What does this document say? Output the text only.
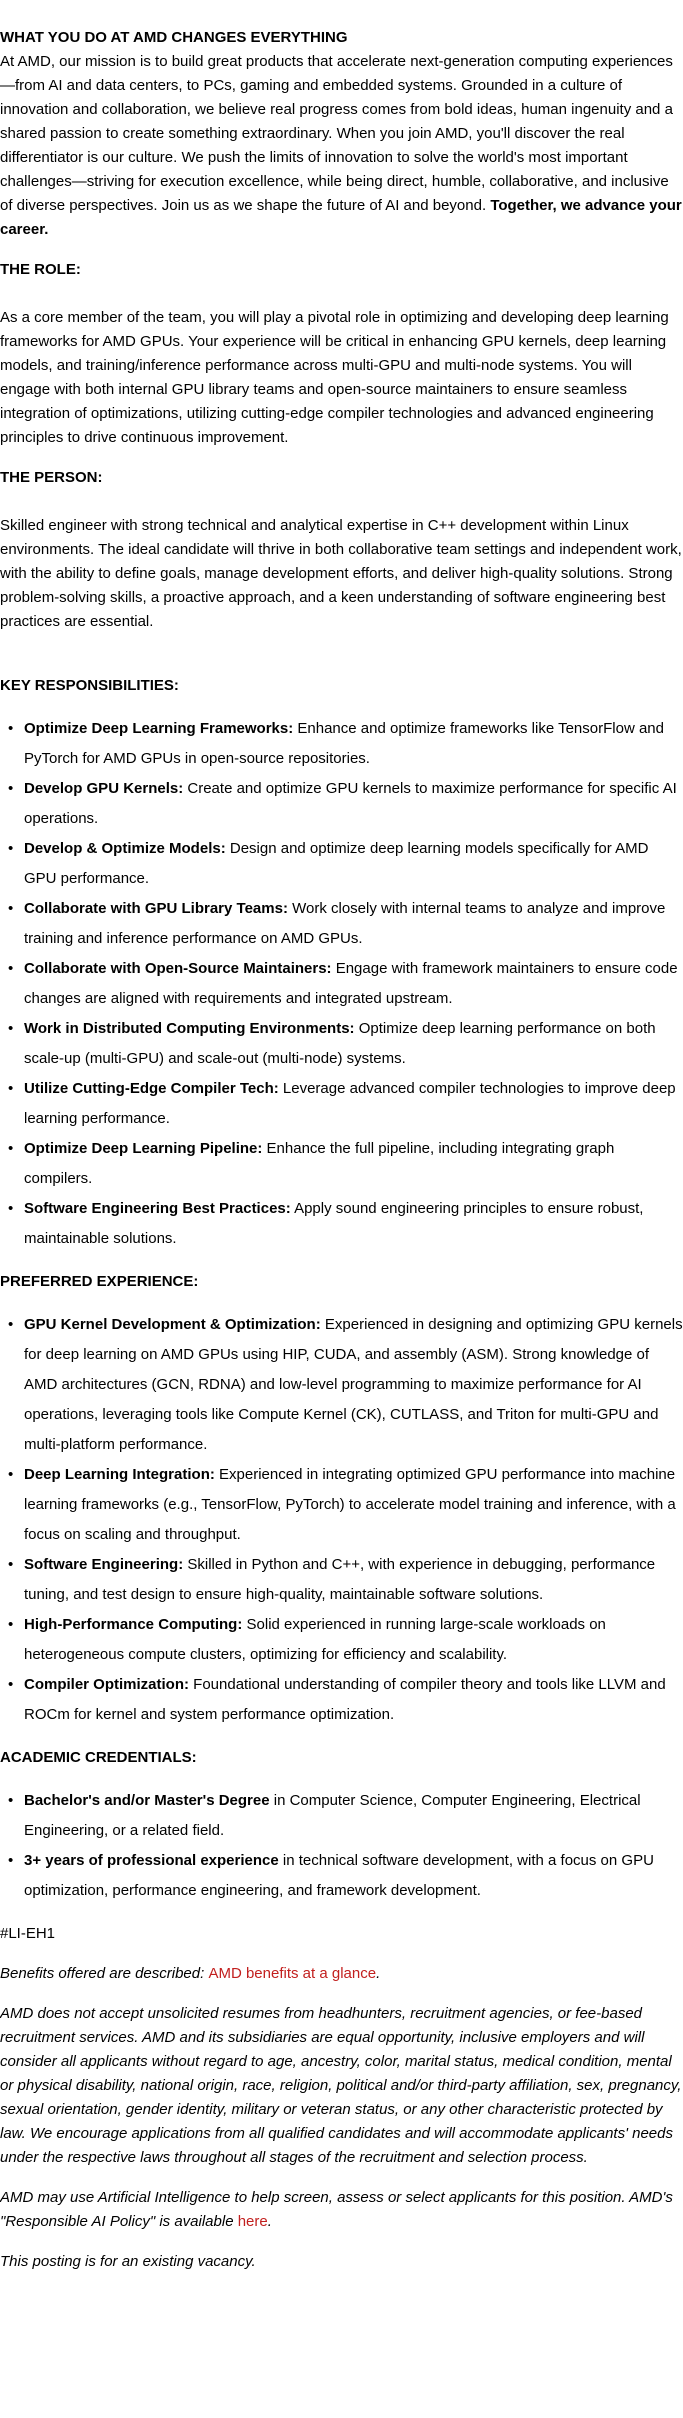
WHAT YOU DO AT AMD CHANGES EVERYTHING

At AMD, our mission is to build great products that accelerate next-generation computing experiences—from AI and data centers, to PCs, gaming and embedded systems. Grounded in a culture of innovation and collaboration, we believe real progress comes from bold ideas, human ingenuity and a shared passion to create something extraordinary. When you join AMD, you'll discover the real differentiator is our culture. We push the limits of innovation to solve the world's most important challenges—striving for execution excellence, while being direct, humble, collaborative, and inclusive of diverse perspectives. Join us as we shape the future of AI and beyond. Together, we advance your career.

THE ROLE:

As a core member of the team, you will play a pivotal role in optimizing and developing deep learning frameworks for AMD GPUs. Your experience will be critical in enhancing GPU kernels, deep learning models, and training/inference performance across multi-GPU and multi-node systems. You will engage with both internal GPU library teams and open-source maintainers to ensure seamless integration of optimizations, utilizing cutting-edge compiler technologies and advanced engineering principles to drive continuous improvement.

THE PERSON:

Skilled engineer with strong technical and analytical expertise in C++ development within Linux environments. The ideal candidate will thrive in both collaborative team settings and independent work, with the ability to define goals, manage development efforts, and deliver high-quality solutions. Strong problem-solving skills, a proactive approach, and a keen understanding of software engineering best practices are essential.

KEY RESPONSIBILITIES:

• Optimize Deep Learning Frameworks: Enhance and optimize frameworks like TensorFlow and PyTorch for AMD GPUs in open-source repositories.
• Develop GPU Kernels: Create and optimize GPU kernels to maximize performance for specific AI operations.
• Develop & Optimize Models: Design and optimize deep learning models specifically for AMD GPU performance.
• Collaborate with GPU Library Teams: Work closely with internal teams to analyze and improve training and inference performance on AMD GPUs.
• Collaborate with Open-Source Maintainers: Engage with framework maintainers to ensure code changes are aligned with requirements and integrated upstream.
• Work in Distributed Computing Environments: Optimize deep learning performance on both scale-up (multi-GPU) and scale-out (multi-node) systems.
• Utilize Cutting-Edge Compiler Tech: Leverage advanced compiler technologies to improve deep learning performance.
• Optimize Deep Learning Pipeline: Enhance the full pipeline, including integrating graph compilers.
• Software Engineering Best Practices: Apply sound engineering principles to ensure robust, maintainable solutions.

PREFERRED EXPERIENCE:

• GPU Kernel Development & Optimization: Experienced in designing and optimizing GPU kernels for deep learning on AMD GPUs using HIP, CUDA, and assembly (ASM). Strong knowledge of AMD architectures (GCN, RDNA) and low-level programming to maximize performance for AI operations, leveraging tools like Compute Kernel (CK), CUTLASS, and Triton for multi-GPU and multi-platform performance.
• Deep Learning Integration: Experienced in integrating optimized GPU performance into machine learning frameworks (e.g., TensorFlow, PyTorch) to accelerate model training and inference, with a focus on scaling and throughput.
• Software Engineering: Skilled in Python and C++, with experience in debugging, performance tuning, and test design to ensure high-quality, maintainable software solutions.
• High-Performance Computing: Solid experienced in running large-scale workloads on heterogeneous compute clusters, optimizing for efficiency and scalability.
• Compiler Optimization: Foundational understanding of compiler theory and tools like LLVM and ROCm for kernel and system performance optimization.

ACADEMIC CREDENTIALS:

• Bachelor's and/or Master's Degree in Computer Science, Computer Engineering, Electrical Engineering, or a related field.
• 3+ years of professional experience in technical software development, with a focus on GPU optimization, performance engineering, and framework development.

#LI-EH1

Benefits offered are described: AMD benefits at a glance.

AMD does not accept unsolicited resumes from headhunters, recruitment agencies, or fee-based recruitment services. AMD and its subsidiaries are equal opportunity, inclusive employers and will consider all applicants without regard to age, ancestry, color, marital status, medical condition, mental or physical disability, national origin, race, religion, political and/or third-party affiliation, sex, pregnancy, sexual orientation, gender identity, military or veteran status, or any other characteristic protected by law. We encourage applications from all qualified candidates and will accommodate applicants' needs under the respective laws throughout all stages of the recruitment and selection process.

AMD may use Artificial Intelligence to help screen, assess or select applicants for this position. AMD's "Responsible AI Policy" is available here.

This posting is for an existing vacancy.
